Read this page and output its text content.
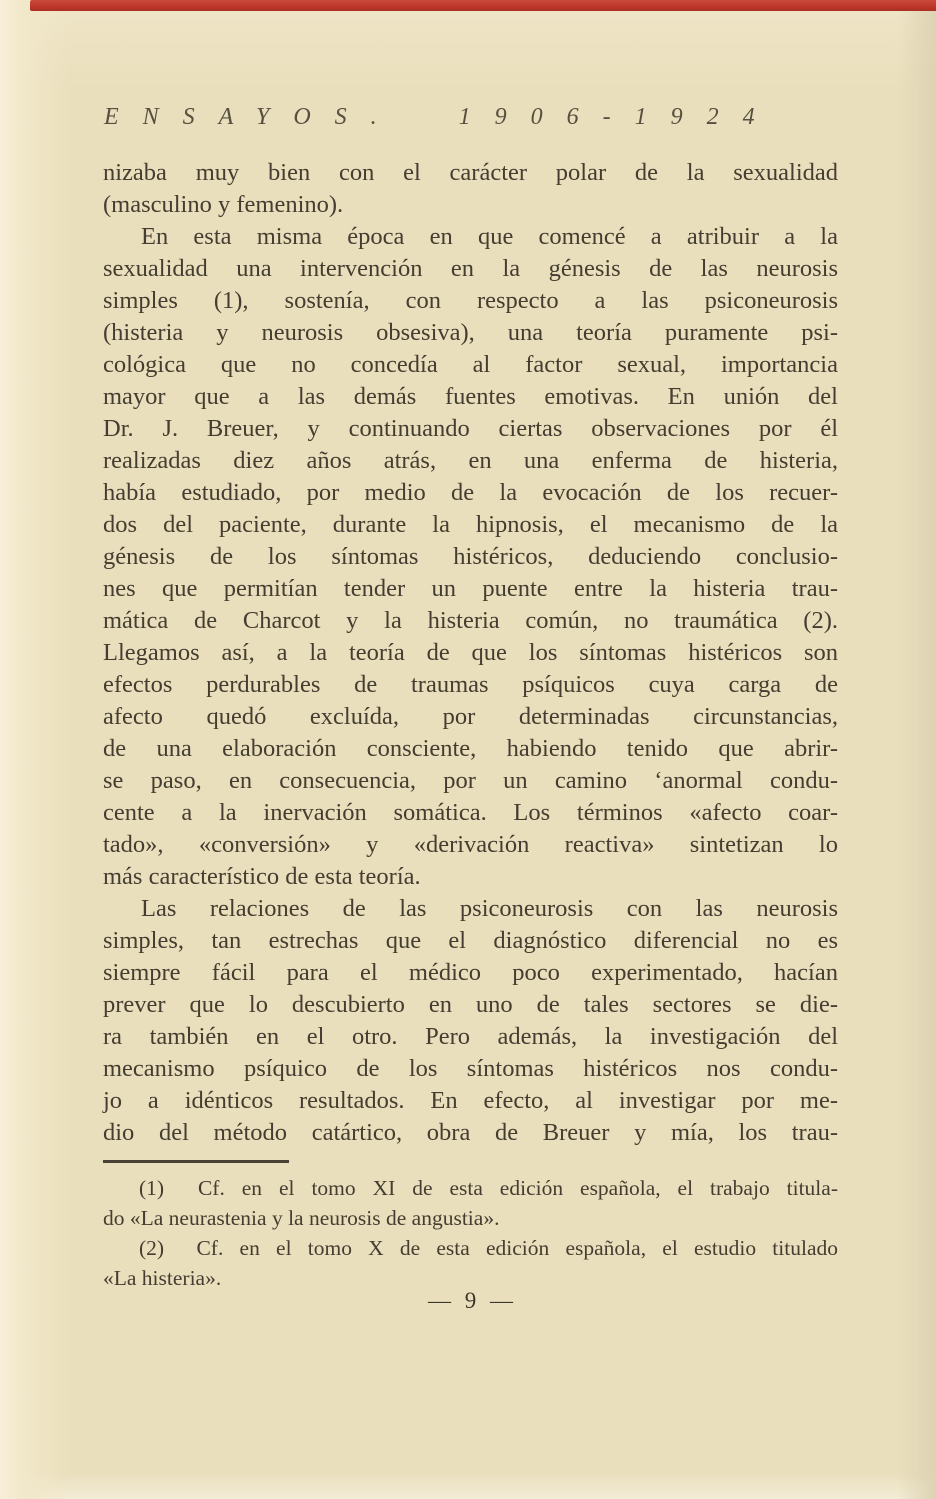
ENSAYOS. 1906-1924
nizaba muy bien con el carácter polar de la sexualidad
(masculino y femenino).
En esta misma época en que comencé a atribuir a la
sexualidad una intervención en la génesis de las neurosis
simples (1), sostenía, con respecto a las psiconeurosis
(histeria y neurosis obsesiva), una teoría puramente psi-
cológica que no concedía al factor sexual, importancia
mayor que a las demás fuentes emotivas. En unión del
Dr. J. Breuer, y continuando ciertas observaciones por él
realizadas diez años atrás, en una enferma de histeria,
había estudiado, por medio de la evocación de los recuer-
dos del paciente, durante la hipnosis, el mecanismo de la
génesis de los síntomas histéricos, deduciendo conclusio-
nes que permitían tender un puente entre la histeria trau-
mática de Charcot y la histeria común, no traumática (2).
Llegamos así, a la teoría de que los síntomas histéricos son
efectos perdurables de traumas psíquicos cuya carga de
afecto quedó excluída, por determinadas circunstancias,
de una elaboración consciente, habiendo tenido que abrir-
se paso, en consecuencia, por un camino ‘anormal condu-
cente a la inervación somática. Los términos «afecto coar-
tado», «conversión» y «derivación reactiva» sintetizan lo
más característico de esta teoría.
Las relaciones de las psiconeurosis con las neurosis
simples, tan estrechas que el diagnóstico diferencial no es
siempre fácil para el médico poco experimentado, hacían
prever que lo descubierto en uno de tales sectores se die-
ra también en el otro. Pero además, la investigación del
mecanismo psíquico de los síntomas histéricos nos condu-
jo a idénticos resultados. En efecto, al investigar por me-
dio del método catártico, obra de Breuer y mía, los trau-
(1)  Cf. en el tomo XI de esta edición española, el trabajo titula-
do «La neurastenia y la neurosis de angustia».
(2)  Cf. en el tomo X de esta edición española, el estudio titulado
«La histeria».
— 9 —
